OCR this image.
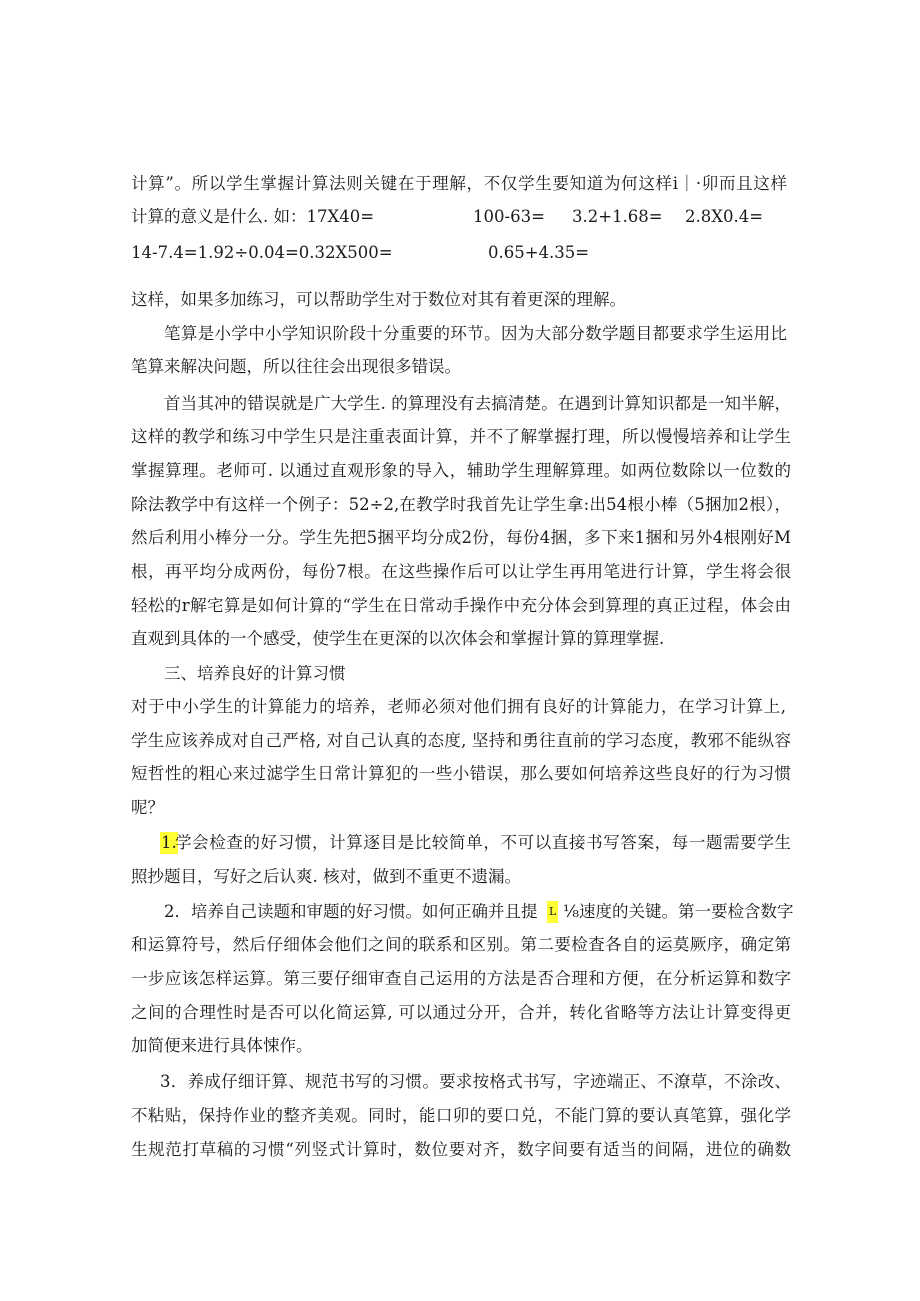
计算”。所以学生掌握计算法则关键在于理解，不仅学生要知道为何这样i｜·卯而且这样
计算的意义是什么. 如：17X40=	100-63= 3.2+1.68= 2.8X0.4=
14-7.4=1.92÷0.04=0.32X500=	0.65+4.35=
这样，如果多加练习，可以帮助学生对于数位对其有着更深的理解。
笔算是小学中小学知识阶段十分重要的环节。因为大部分数学题目都要求学生运用比
笔算来解决问题，所以往往会出现很多错误。
首当其冲的错误就是广大学生. 的算理没有去搞清楚。在遇到计算知识都是一知半解，
这样的教学和练习中学生只是注重表面计算，并不了解掌握打理，所以慢慢培养和让学生
掌握算理。老师可. 以通过直观形象的导入，辅助学生理解算理。如两位数除以一位数的
除法教学中有这样一个例子：52÷2,在教学时我首先让学生拿:出54根小棒（5捆加2根），
然后利用小棒分一分。学生先把5捆平均分成2份，每份4捆，多下来1捆和另外4根刚好M
根，再平均分成两份，每份7根。在这些操作后可以让学生再用笔进行计算，学生将会很
轻松的r解宅算是如何计算的“学生在日常动手操作中充分体会到算理的真正过程，体会由
直观到具体的一个感受，使学生在更深的以次体会和掌握计算的算理掌握.
三、培养良好的计算习惯
对于中小学生的计算能力的培养，老师必须对他们拥有良好的计算能力，在学习计算上,
学生应该养成对自己严格, 对自己认真的态度, 坚持和勇往直前的学习态度，教邪不能纵容
短哲性的粗心来过滤学生日常计算犯的一些小错误，那么要如何培养这些良好的行为习惯
呢？
1.
学会检查的好习惯，计算逐目是比较简单，不可以直接书写答案，每一题需要学生
照抄题目，写好之后认爽. 核对，做到不重更不遗漏。
2．培养自己读题和审题的好习惯。如何正确并且提 L ⅛速度的关键。第一要检含数字
和运算符号，然后仔细体会他们之间的联系和区别。第二要检査各自的运莫厥序，确定第
一步应该怎样运算。第三要仔细审查自己运用的方法是否合理和方便，在分析运算和数字
之间的合理性时是否可以化简运算, 可以通过分开，合并，转化省略等方法让计算变得更
加简便来进行具体悚作。
3．养成仔细讦算、规范书写的习惯。要求按格式书写，字迹端正、不潦草，不涂改、
不粘贴，保持作业的整齐美观。同时，能口卯的要口兑，不能门算的要认真笔算，强化学
生规范打草稿的习惯“列竖式计算时，数位要对齐，数字间要有适当的间隔，进位的确数
